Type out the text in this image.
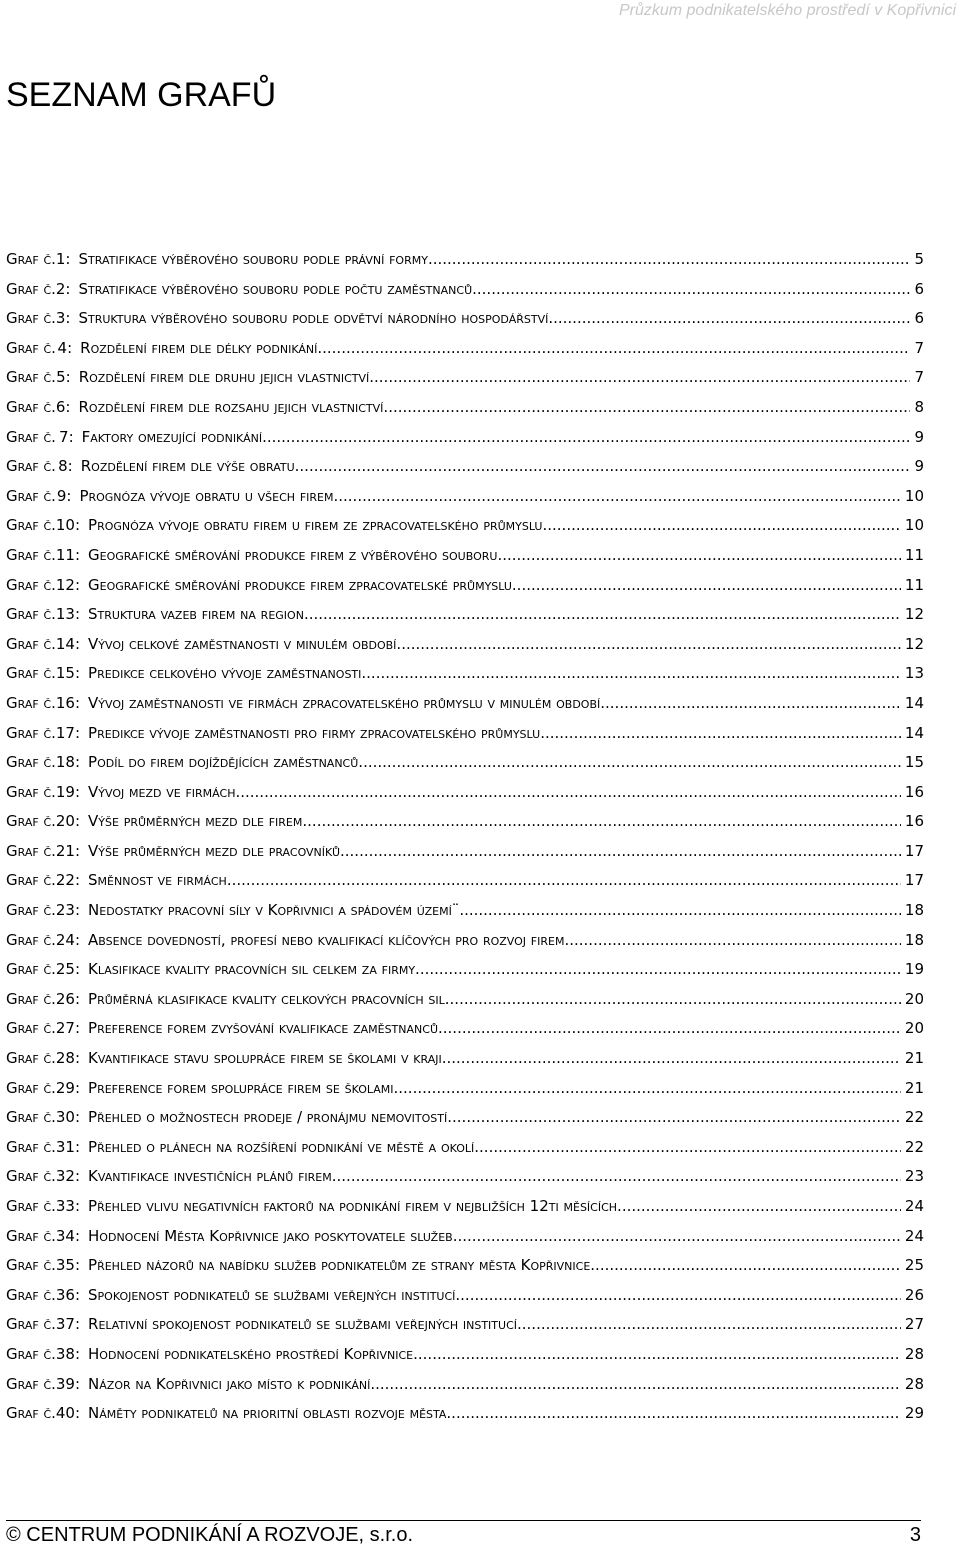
Průzkum podnikatelského prostředí v Kopřivnici
SEZNAM GRAFŮ
Graf č. 1: Stratifikace výběrového souboru podle právní formy .....	5
Graf č. 2: Stratifikace výběrového souboru podle počtu zaměstnanců .....	6
Graf č. 3: Struktura výběrového souboru podle odvětví národního hospodářství .....	6
Graf č. 4: Rozdělení firem dle délky podnikání .....	7
Graf č. 5: Rozdělení firem dle druhu jejich vlastnictví .....	7
Graf č. 6: Rozdělení firem dle rozsahu jejich vlastnictví .....	8
Graf č. 7: Faktory omezující podnikání .....	9
Graf č. 8: Rozdělení firem dle výše obratu .....	9
Graf č. 9: Prognóza vývoje obratu u všech firem .....	10
Graf č. 10: Prognóza vývoje obratu firem u firem ze zpracovatelského průmyslu .....	10
Graf č. 11: Geografické směrování produkce firem z výběrového souboru .....	11
Graf č. 12: Geografické směrování produkce firem zpracovatelské průmyslu .....	11
Graf č. 13: Struktura vazeb firem na region .....	12
Graf č. 14: Vývoj celkové zaměstnanosti v minulém období .....	12
Graf č. 15: Predikce celkového vývoje zaměstnanosti .....	13
Graf č. 16: Vývoj zaměstnanosti ve firmách zpracovatelského průmyslu v minulém období .....	14
Graf č. 17: Predikce vývoje zaměstnanosti pro firmy zpracovatelského průmyslu .....	14
Graf č. 18: Podíl do firem dojíždějících zaměstnanců .....	15
Graf č. 19: Vývoj mezd ve firmách .....	16
Graf č. 20: Výše průměrných mezd dle firem .....	16
Graf č. 21: Výše průměrných mezd dle pracovníků .....	17
Graf č. 22: Směnnost ve firmách .....	17
Graf č. 23: Nedostatky pracovní síly v Kopřivnici a spádovém území¨ .....	18
Graf č. 24: Absence dovedností, profesí nebo kvalifikací klíčových pro rozvoj firem .....	18
Graf č. 25: Klasifikace kvality pracovních sil celkem za firmy .....	19
Graf č. 26: Průměrná klasifikace kvality celkových pracovních sil .....	20
Graf č. 27: Preference forem zvyšování kvalifikace zaměstnanců .....	20
Graf č. 28: Kvantifikace stavu spolupráce firem se školami v kraji .....	21
Graf č. 29: Preference forem spolupráce firem se školami .....	21
Graf č. 30: Přehled o možnostech prodeje / pronájmu nemovitostí .....	22
Graf č. 31: Přehled o plánech na rozšíření podnikání ve městě a okolí .....	22
Graf č. 32: Kvantifikace investičních plánů firem .....	23
Graf č. 33: Přehled vlivu negativních faktorů na podnikání firem v nejbližších 12ti měsících .....	24
Graf č. 34: Hodnocení Města Kopřivnice jako poskytovatele služeb .....	24
Graf č. 35: Přehled názorů na nabídku služeb podnikatelům ze strany města Kopřivnice .....	25
Graf č. 36: Spokojenost podnikatelů se službami veřejných institucí .....	26
Graf č. 37: Relativní spokojenost podnikatelů se službami veřejných institucí .....	27
Graf č. 38: Hodnocení podnikatelského prostředí Kopřivnice .....	28
Graf č. 39: Názor na Kopřivnici jako místo k podnikání .....	28
Graf č. 40: Náměty podnikatelů na prioritní oblasti rozvoje města .....	29
© CENTRUM PODNIKÁNÍ A ROZVOJE, s.r.o.	3
